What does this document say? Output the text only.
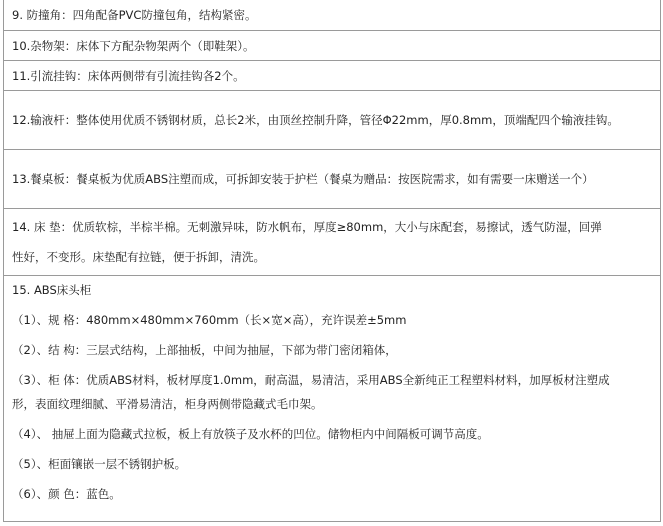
9. 防撞角：四角配备PVC防撞包角，结构紧密。
10.杂物架：床体下方配杂物架两个（即鞋架）。
11.引流挂钩：床体两侧带有引流挂钩各2个。
12.输液杆：整体使用优质不锈钢材质，总长2米，由顶丝控制升降，管径Φ22mm，厚0.8mm，顶端配四个输液挂钩。
13.餐桌板：餐桌板为优质ABS注塑而成，可拆卸安装于护栏（餐桌为赠品：按医院需求，如有需要一床赠送一个）
14. 床 垫：优质软棕，半棕半棉。无刺激异味，防水帆布，厚度≥80mm，大小与床配套，易擦试，透气防湿，回弹
性好，不变形。床垫配有拉链，便于拆卸，清洗。
15. ABS床头柜
（1）、规 格：480mm×480mm×760mm（长×宽×高），充许误差±5mm
（2）、结 构：三层式结构，上部抽板，中间为抽屉，下部为带门密闭箱体，
（3）、柜 体：优质ABS材料，板材厚度1.0mm，耐高温，易清洁，采用ABS全新纯正工程塑料材料，加厚板材注塑成
形，表面纹理细腻、平滑易清洁，柜身两侧带隐藏式毛巾架。
（4）、 抽屉上面为隐藏式拉板，板上有放筷子及水杯的凹位。储物柜内中间隔板可调节高度。
（5）、柜面镶嵌一层不锈钢护板。
（6）、颜 色：蓝色。
